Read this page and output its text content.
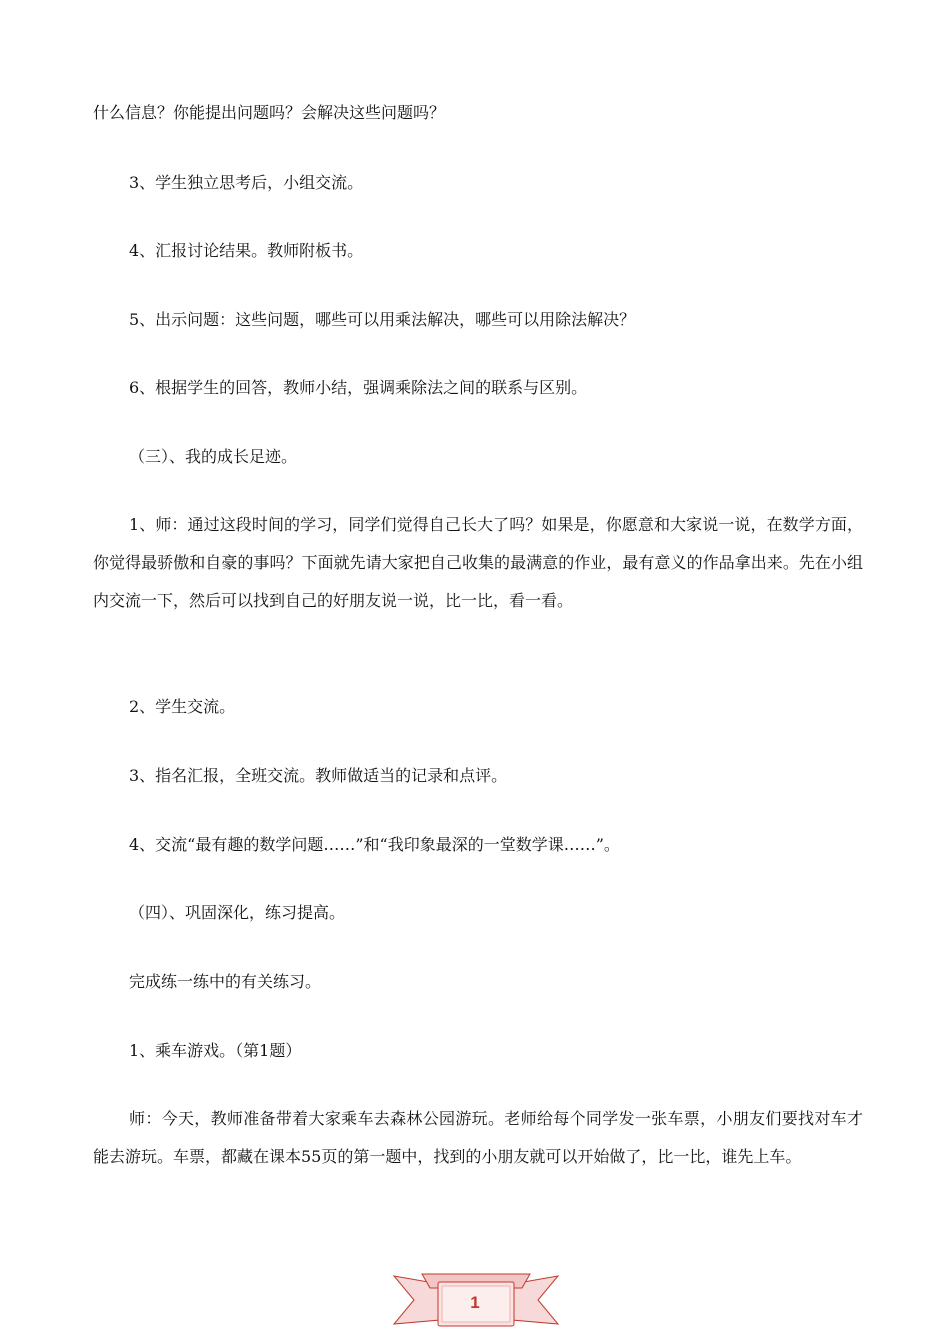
什么信息？你能提出问题吗？会解决这些问题吗？

3、学生独立思考后，小组交流。

4、汇报讨论结果。教师附板书。

5、出示问题：这些问题，哪些可以用乘法解决，哪些可以用除法解决？

6、根据学生的回答，教师小结，强调乘除法之间的联系与区别。

（三）、我的成长足迹。

1、师：通过这段时间的学习，同学们觉得自己长大了吗？如果是，你愿意和大家说一说，在数学方面，你觉得最骄傲和自豪的事吗？下面就先请大家把自己收集的最满意的作业，最有意义的作品拿出来。先在小组内交流一下，然后可以找到自己的好朋友说一说，比一比，看一看。

2、学生交流。

3、指名汇报，全班交流。教师做适当的记录和点评。

4、交流“最有趣的数学问题……”和“我印象最深的一堂数学课……”。

（四）、巩固深化，练习提高。

完成练一练中的有关练习。

1、乘车游戏。（第1题）

师：今天，教师准备带着大家乘车去森林公园游玩。老师给每个同学发一张车票，小朋友们要找对车才能去游玩。车票，都藏在课本55页的第一题中，找到的小朋友就可以开始做了，比一比，谁先上车。

1
